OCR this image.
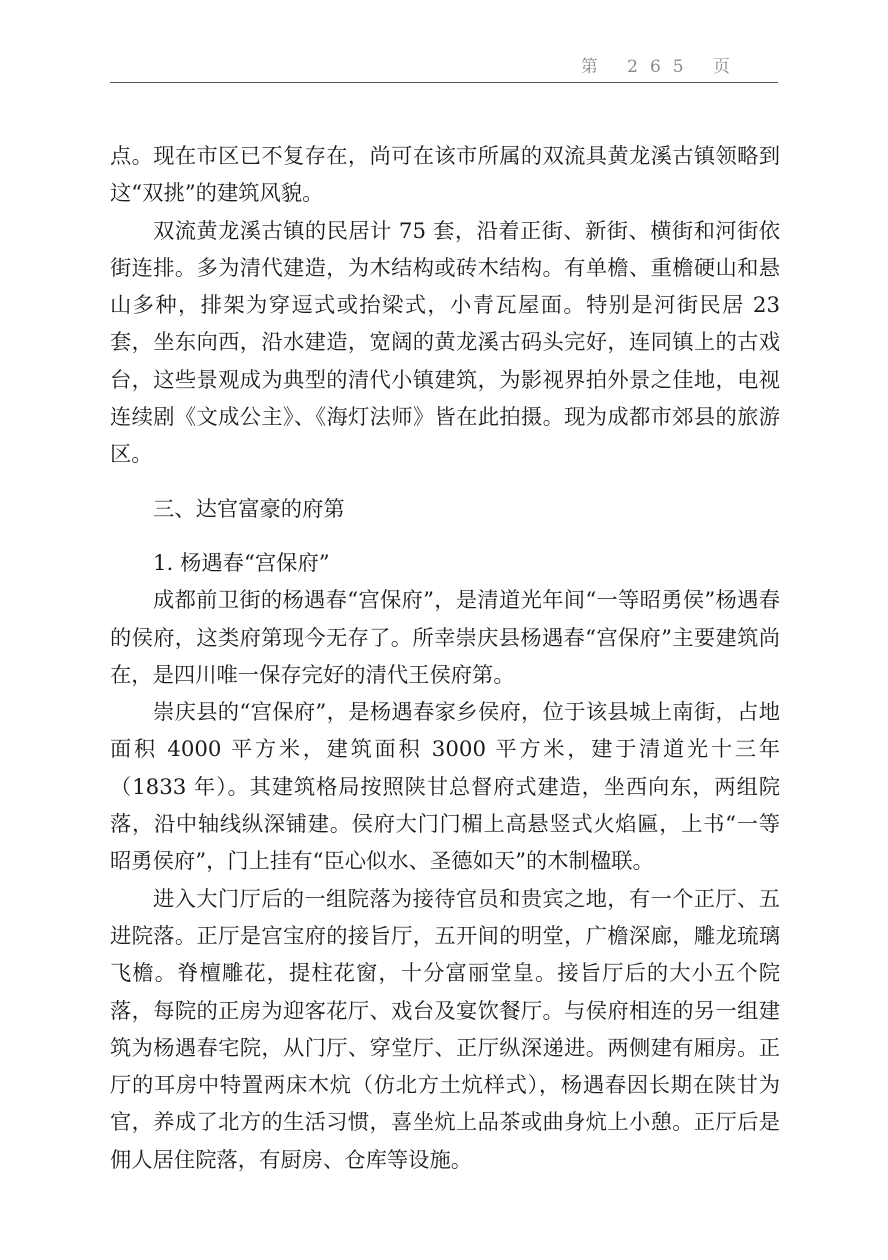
第 265 页

点。现在市区已不复存在，尚可在该市所属的双流具黄龙溪古镇领略到这“双挑”的建筑风貌。

双流黄龙溪古镇的民居计 75 套，沿着正街、新街、横街和河街依街连排。多为清代建造，为木结构或砖木结构。有单檐、重檐硬山和悬山多种，排架为穿逗式或抬梁式，小青瓦屋面。特别是河街民居 23套，坐东向西，沿水建造，宽阔的黄龙溪古码头完好，连同镇上的古戏台，这些景观成为典型的清代小镇建筑，为影视界拍外景之佳地，电视连续剧《文成公主》、《海灯法师》皆在此拍摄。现为成都市郊县的旅游区。

三、达官富豪的府第

1. 杨遇春“宫保府”

成都前卫街的杨遇春“宫保府”，是清道光年间“一等昭勇侯”杨遇春的侯府，这类府第现今无存了。所幸崇庆县杨遇春“宫保府”主要建筑尚在，是四川唯一保存完好的清代王侯府第。

崇庆县的“宫保府”，是杨遇春家乡侯府，位于该县城上南街，占地面积 4000 平方米，建筑面积 3000 平方米，建于清道光十三年（1833 年）。其建筑格局按照陕甘总督府式建造，坐西向东，两组院落，沿中轴线纵深铺建。侯府大门门楣上高悬竖式火焰匾，上书“一等昭勇侯府”，门上挂有“臣心似水、圣德如天”的木制楹联。

进入大门厅后的一组院落为接待官员和贵宾之地，有一个正厅、五进院落。正厅是宫宝府的接旨厅，五开间的明堂，广檐深廊，雕龙琉璃飞檐。脊檀雕花，提柱花窗，十分富丽堂皇。接旨厅后的大小五个院落，每院的正房为迎客花厅、戏台及宴饮餐厅。与侯府相连的另一组建筑为杨遇春宅院，从门厅、穿堂厅、正厅纵深递进。两侧建有厢房。正厅的耳房中特置两床木炕（仿北方土炕样式），杨遇春因长期在陕甘为官，养成了北方的生活习惯，喜坐炕上品茶或曲身炕上小憩。正厅后是佣人居住院落，有厨房、仓库等设施。
